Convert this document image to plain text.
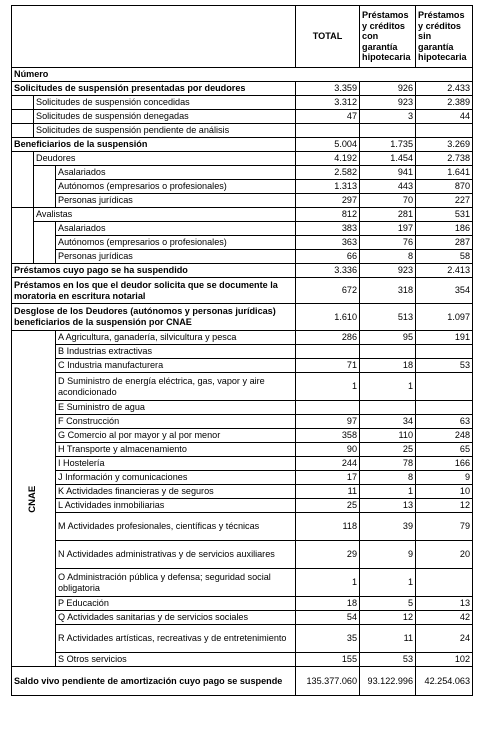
			TOTAL	Préstamos
y créditos
con
garantía
hipotecaria	Préstamos
y créditos
sin
garantía
hipotecaria
Número					
Solicitudes de suspensión presentadas por deudores			3.359	926	2.433
	Solicitudes de suspensión concedidas		3.312	923	2.389
	Solicitudes de suspensión denegadas		47	3	44
	Solicitudes de suspensión pendiente de análisis				
Beneficiarios de la suspensión			5.004	1.735	3.269
	Deudores		4.192	1.454	2.738
		Asalariados	2.582	941	1.641
		Autónomos (empresarios o profesionales)	1.313	443	870
		Personas jurídicas	297	70	227
	Avalistas		812	281	531
		Asalariados	383	197	186
		Autónomos (empresarios o profesionales)	363	76	287
		Personas jurídicas	66	8	58
Préstamos cuyo pago se ha suspendido			3.336	923	2.413
Préstamos en los que el deudor solicita que se documente la moratoria en escritura notarial			672	318	354
Desglose de los Deudores (autónomos y personas jurídicas) beneficiarios de la suspensión por CNAE			1.610	513	1.097
CNAE		A Agricultura, ganadería, silvicultura y pesca	286	95	191
		B Industrias extractivas			
		C Industria manufacturera	71	18	53
		D Suministro de energía eléctrica, gas, vapor y aire acondicionado	1	1	
		E Suministro de agua			
		F Construcción	97	34	63
		G Comercio al por mayor y al por menor	358	110	248
		H Transporte y almacenamiento	90	25	65
		I Hostelería	244	78	166
		J Información y comunicaciones	17	8	9
		K Actividades financieras y de seguros	11	1	10
		L Actividades inmobiliarias	25	13	12
		M Actividades profesionales, científicas y técnicas	118	39	79
		N Actividades administrativas y de servicios auxiliares	29	9	20
		O Administración pública y defensa; seguridad social obligatoria	1	1	
		P Educación	18	5	13
		Q Actividades sanitarias y de servicios sociales	54	12	42
		R Actividades artísticas, recreativas y de entretenimiento	35	11	24
		S Otros servicios	155	53	102
Saldo vivo pendiente de amortización cuyo pago se suspende			135.377.060	93.122.996	42.254.063
